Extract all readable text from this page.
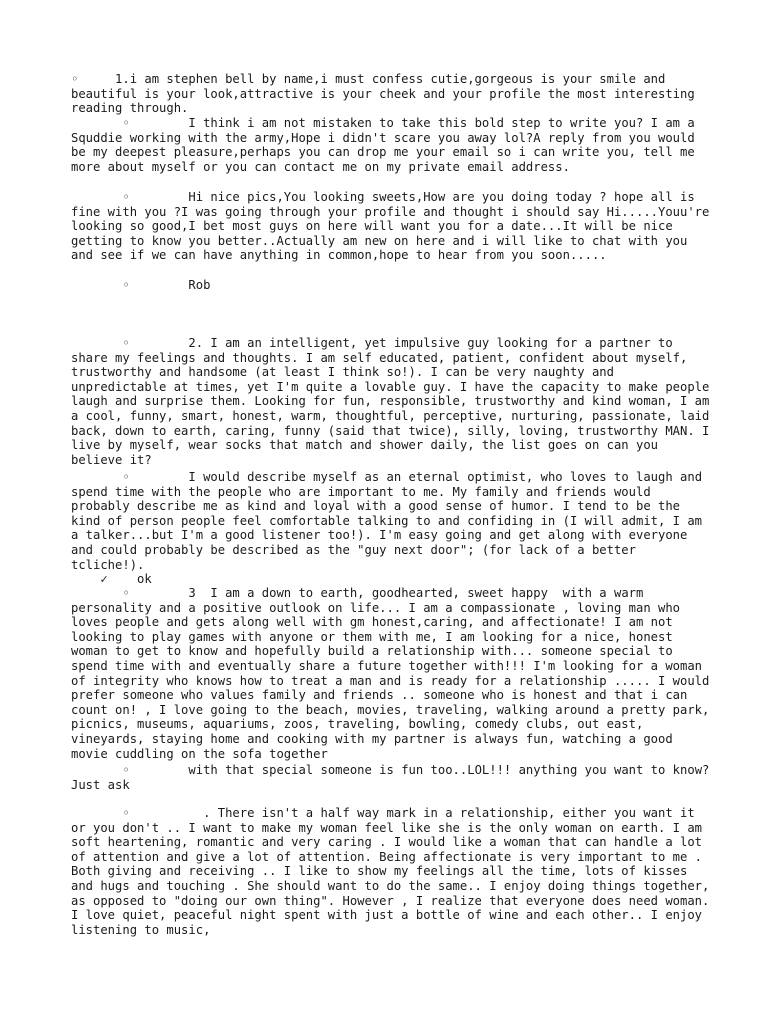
◦     1.i am stephen bell by name,i must confess cutie,gorgeous is your smile and beautiful is your look,attractive is your cheek and your profile the most interesting reading through.

◦        I think i am not mistaken to take this bold step to write you? I am a Squddie working with the army,Hope i didn't scare you away lol?A reply from you would be my deepest pleasure,perhaps you can drop me your email so i can write you, tell me more about myself or you can contact me on my private email address.

◦        Hi nice pics,You looking sweets,How are you doing today ? hope all is fine with you ?I was going through your profile and thought i should say Hi.....Youu're looking so good,I bet most guys on here will want you for a date...It will be nice getting to know you better..Actually am new on here and i will like to chat with you and see if we can have anything in common,hope to hear from you soon.....

◦        Rob

◦        2. I am an intelligent, yet impulsive guy looking for a partner to share my feelings and thoughts. I am self educated, patient, confident about myself, trustworthy and handsome (at least I think so!). I can be very naughty and unpredictable at times, yet I'm quite a lovable guy. I have the capacity to make people laugh and surprise them. Looking for fun, responsible, trustworthy and kind woman, I am a cool, funny, smart, honest, warm, thoughtful, perceptive, nurturing, passionate, laid back, down to earth, caring, funny (said that twice), silly, loving, trustworthy MAN. I live by myself, wear socks that match and shower daily, the list goes on can you believe it?

◦        I would describe myself as an eternal optimist, who loves to laugh and spend time with the people who are important to me. My family and friends would probably describe me as kind and loyal with a good sense of humor. I tend to be the kind of person people feel comfortable talking to and confiding in (I will admit, I am a talker...but I'm a good listener too!). I'm easy going and get along with everyone and could probably be described as the "guy next door"; (for lack of a better tcliche!).

✓    ok

◦        3  I am a down to earth, goodhearted, sweet happy  with a warm personality and a positive outlook on life... I am a compassionate , loving man who loves people and gets along well with gm honest,caring, and affectionate! I am not looking to play games with anyone or them with me, I am looking for a nice, honest woman to get to know and hopefully build a relationship with... someone special to spend time with and eventually share a future together with!!! I'm looking for a woman of integrity who knows how to treat a man and is ready for a relationship ..... I would prefer someone who values family and friends .. someone who is honest and that i can count on! , I love going to the beach, movies, traveling, walking around a pretty park, picnics, museums, aquariums, zoos, traveling, bowling, comedy clubs, out east, vineyards, staying home and cooking with my partner is always fun, watching a good movie cuddling on the sofa together

◦        with that special someone is fun too..LOL!!! anything you want to know? Just ask

◦          . There isn't a half way mark in a relationship, either you want it or you don't .. I want to make my woman feel like she is the only woman on earth. I am soft heartening, romantic and very caring . I would like a woman that can handle a lot of attention and give a lot of attention. Being affectionate is very important to me . Both giving and receiving .. I like to show my feelings all the time, lots of kisses and hugs and touching . She should want to do the same.. I enjoy doing things together, as opposed to "doing our own thing". However , I realize that everyone does need woman. I love quiet, peaceful night spent with just a bottle of wine and each other.. I enjoy listening to music,
